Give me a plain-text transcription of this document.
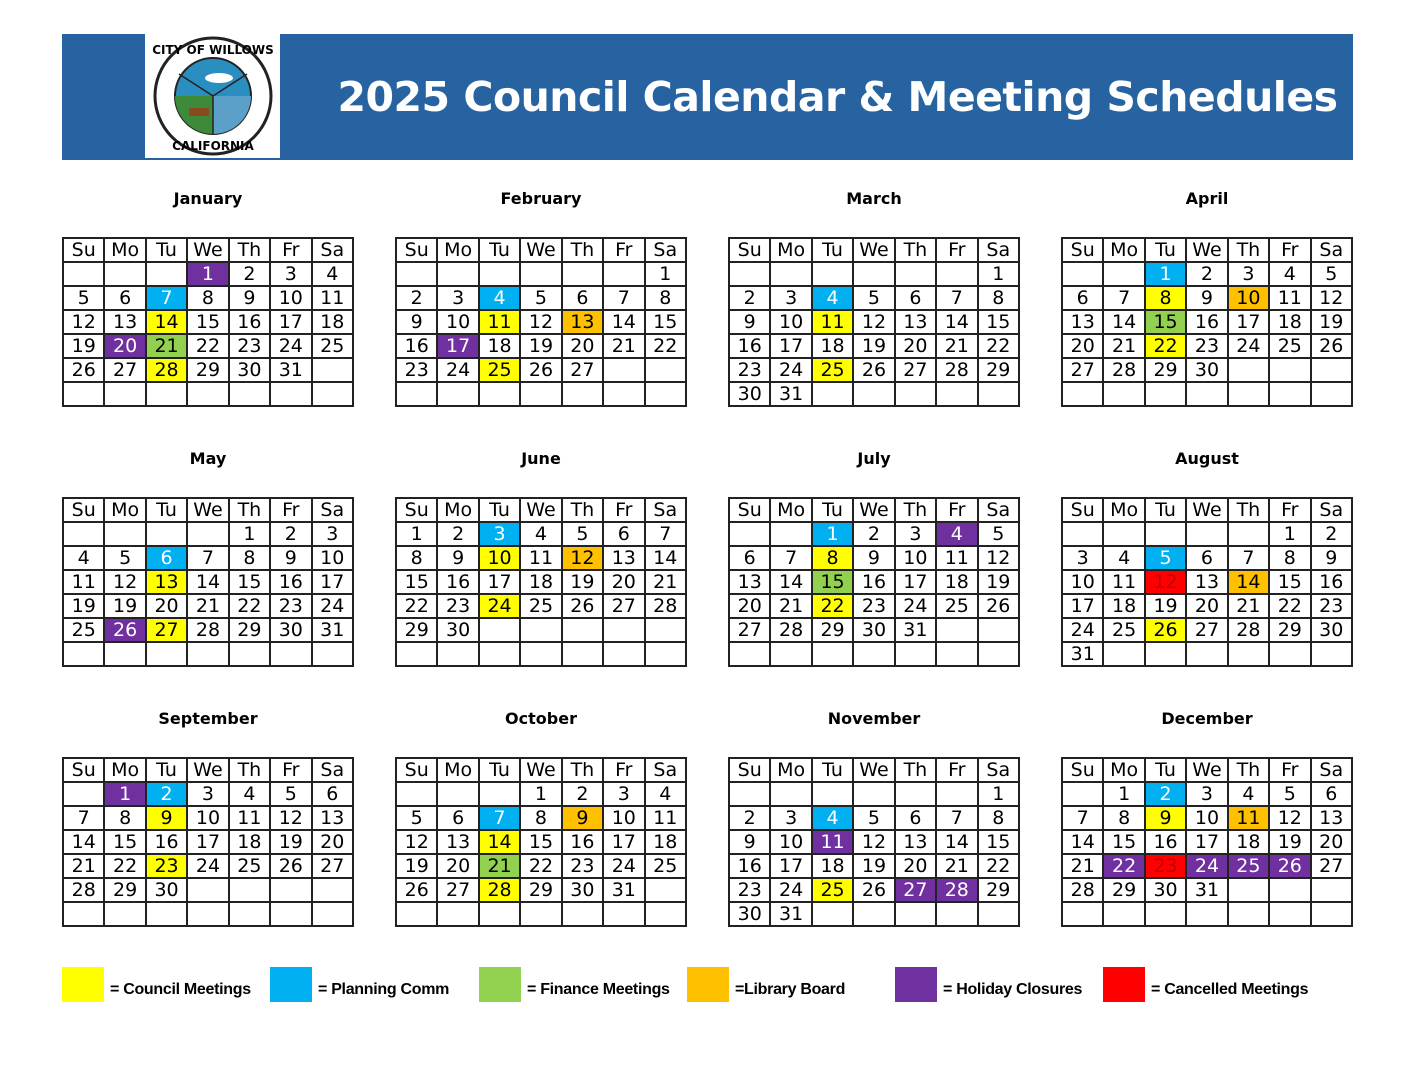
CITY OF WILLOWS
CALIFORNIA
2025 Council Calendar & Meeting Schedules
January
Su	Mo	Tu	We	Th	Fr	Sa
			1	2	3	4
5	6	7	8	9	10	11
12	13	14	15	16	17	18
19	20	21	22	23	24	25
26	27	28	29	30	31	

February
Su	Mo	Tu	We	Th	Fr	Sa
						1
2	3	4	5	6	7	8
9	10	11	12	13	14	15
16	17	18	19	20	21	22
23	24	25	26	27		

March
Su	Mo	Tu	We	Th	Fr	Sa
						1
2	3	4	5	6	7	8
9	10	11	12	13	14	15
16	17	18	19	20	21	22
23	24	25	26	27	28	29
30	31					
April
Su	Mo	Tu	We	Th	Fr	Sa
		1	2	3	4	5
6	7	8	9	10	11	12
13	14	15	16	17	18	19
20	21	22	23	24	25	26
27	28	29	30			

May
Su	Mo	Tu	We	Th	Fr	Sa
				1	2	3
4	5	6	7	8	9	10
11	12	13	14	15	16	17
19	19	20	21	22	23	24
25	26	27	28	29	30	31

June
Su	Mo	Tu	We	Th	Fr	Sa
1	2	3	4	5	6	7
8	9	10	11	12	13	14
15	16	17	18	19	20	21
22	23	24	25	26	27	28
29	30					

July
Su	Mo	Tu	We	Th	Fr	Sa
		1	2	3	4	5
6	7	8	9	10	11	12
13	14	15	16	17	18	19
20	21	22	23	24	25	26
27	28	29	30	31		

August
Su	Mo	Tu	We	Th	Fr	Sa
					1	2
3	4	5	6	7	8	9
10	11	12	13	14	15	16
17	18	19	20	21	22	23
24	25	26	27	28	29	30
31						
September
Su	Mo	Tu	We	Th	Fr	Sa
	1	2	3	4	5	6
7	8	9	10	11	12	13
14	15	16	17	18	19	20
21	22	23	24	25	26	27
28	29	30				

October
Su	Mo	Tu	We	Th	Fr	Sa
			1	2	3	4
5	6	7	8	9	10	11
12	13	14	15	16	17	18
19	20	21	22	23	24	25
26	27	28	29	30	31	

November
Su	Mo	Tu	We	Th	Fr	Sa
						1
2	3	4	5	6	7	8
9	10	11	12	13	14	15
16	17	18	19	20	21	22
23	24	25	26	27	28	29
30	31					
December
Su	Mo	Tu	We	Th	Fr	Sa
	1	2	3	4	5	6
7	8	9	10	11	12	13
14	15	16	17	18	19	20
21	22	23	24	25	26	27
28	29	30	31			

= Council Meetings	= Planning Comm	= Finance Meetings	=Library Board	= Holiday Closures	= Cancelled Meetings
